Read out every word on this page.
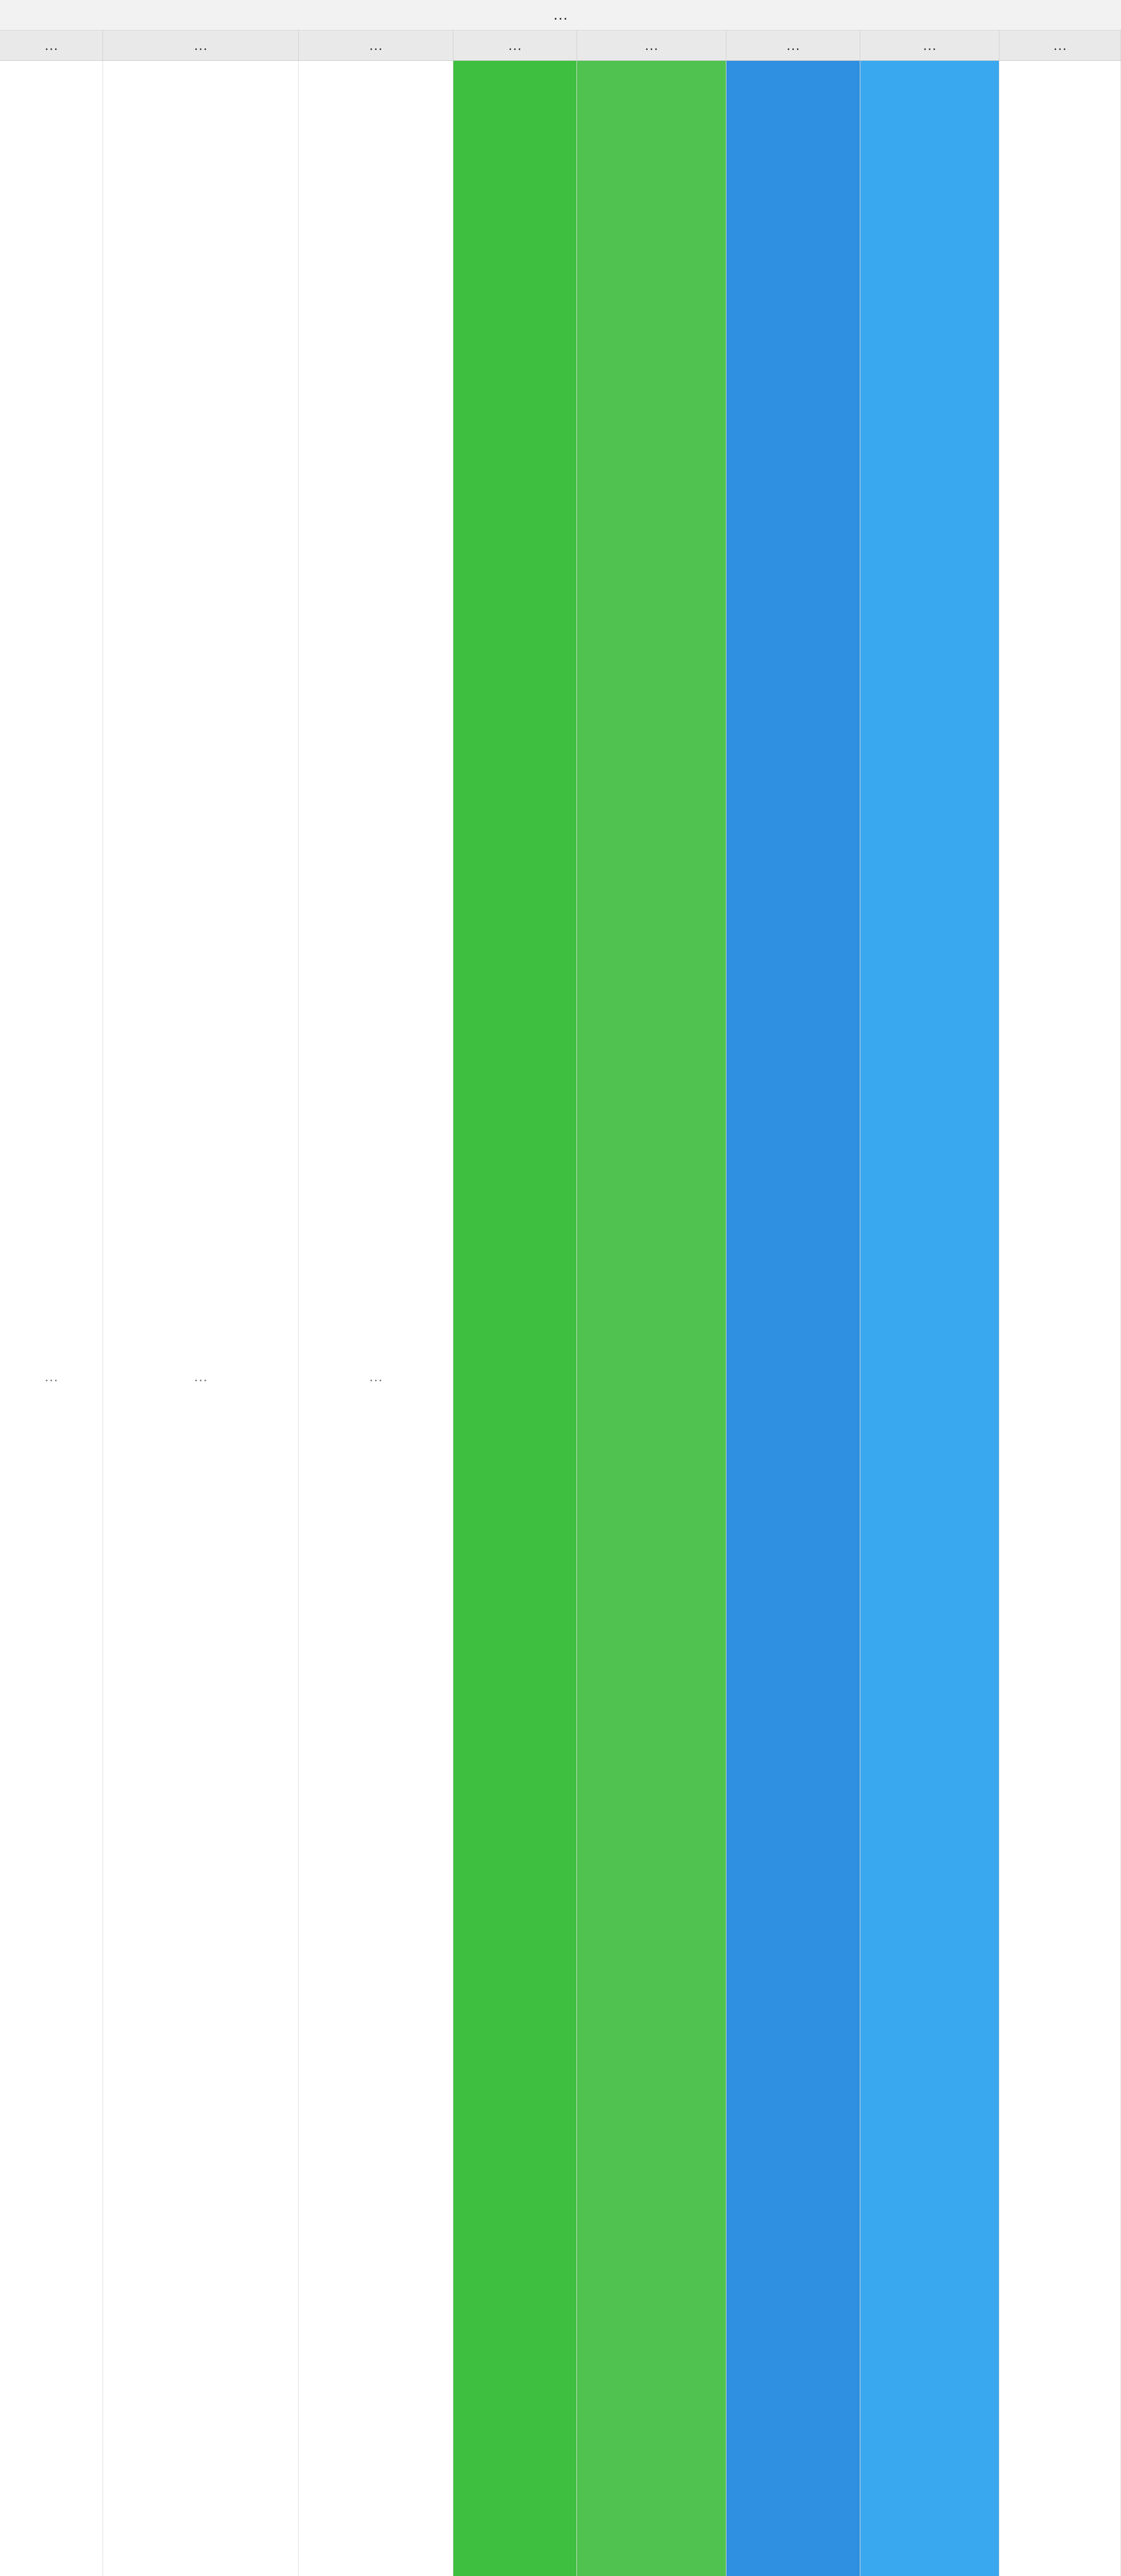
…
…	…	…	…	…	…	…	…
…	…	…
